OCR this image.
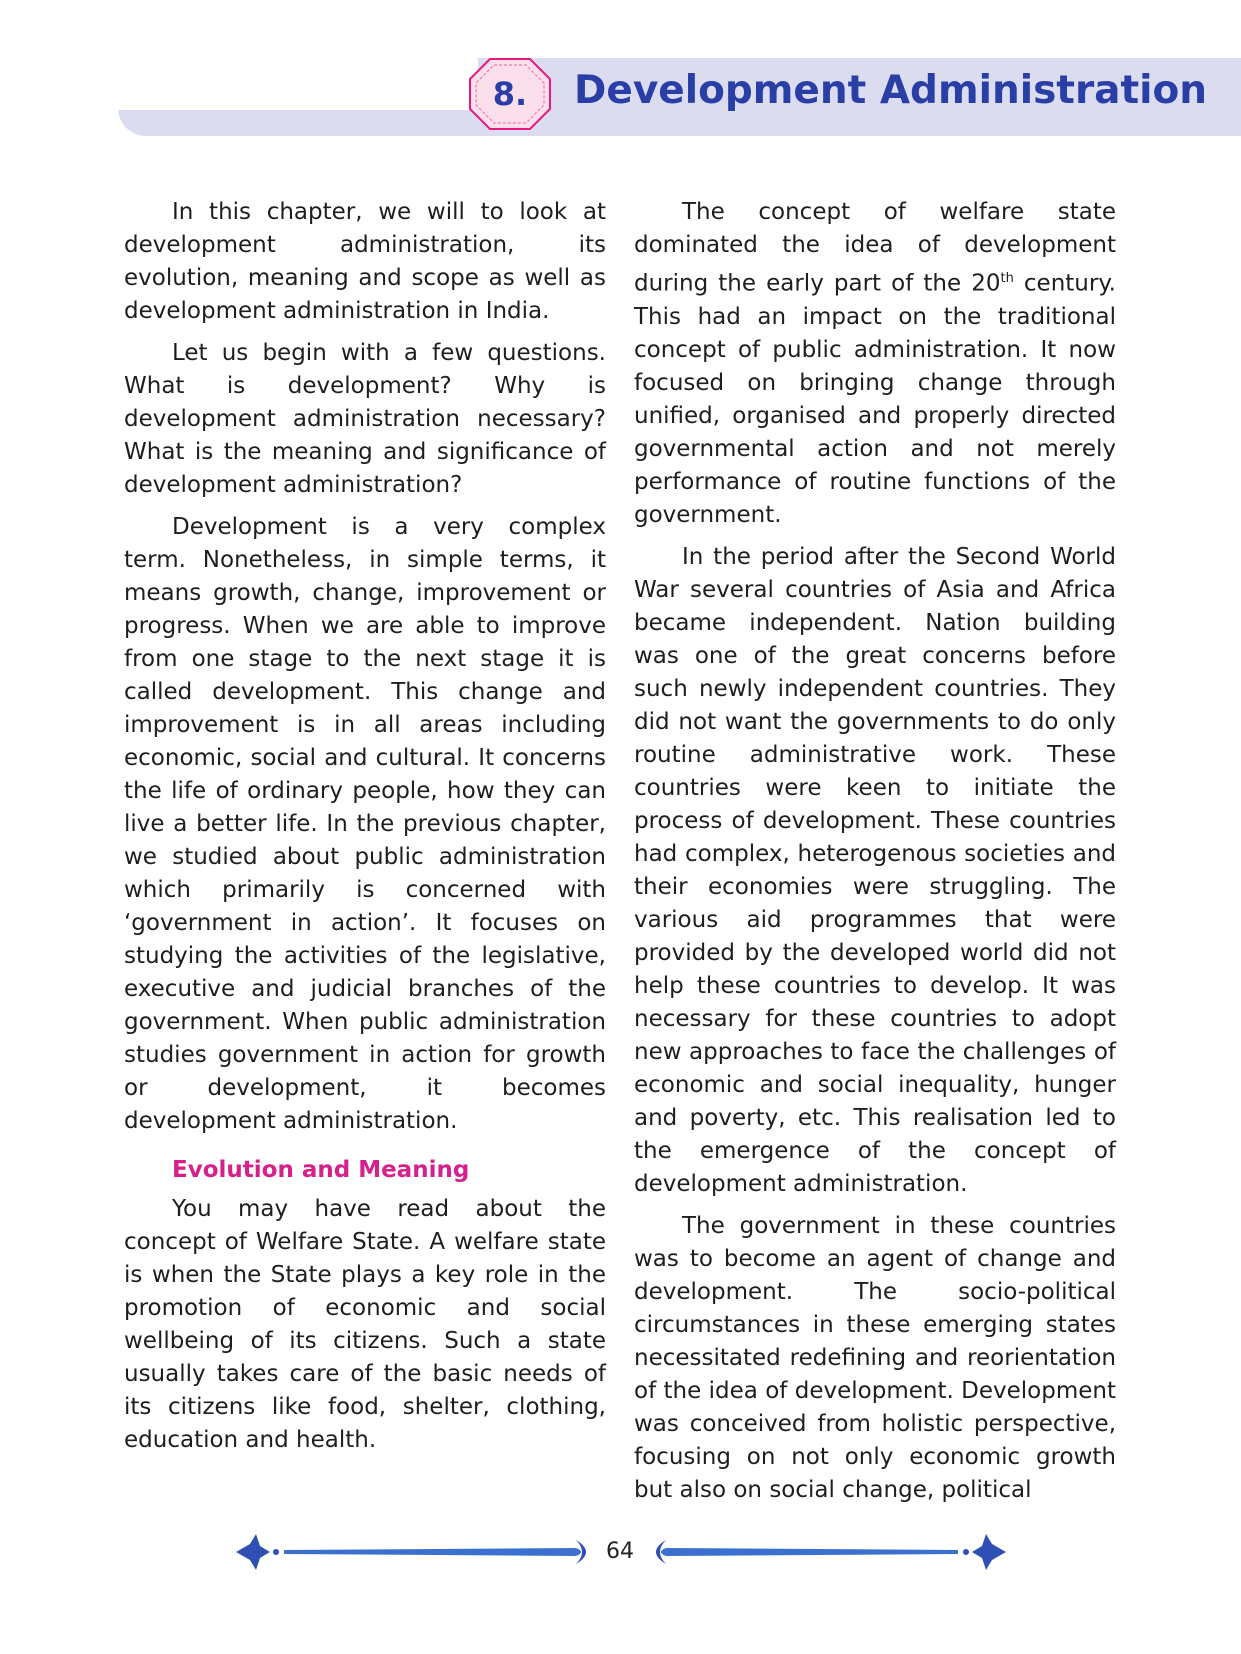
8. Development Administration

In this chapter, we will to look at development administration, its evolution, meaning and scope as well as development administration in India.

Let us begin with a few questions. What is development? Why is development administration necessary? What is the meaning and significance of development administration?

Development is a very complex term. Nonetheless, in simple terms, it means growth, change, improvement or progress. When we are able to improve from one stage to the next stage it is called development. This change and improvement is in all areas including economic, social and cultural. It concerns the life of ordinary people, how they can live a better life. In the previous chapter, we studied about public administration which primarily is concerned with ‘government in action’. It focuses on studying the activities of the legislative, executive and judicial branches of the government. When public administration studies government in action for growth or development, it becomes development administration.

Evolution and Meaning

You may have read about the concept of Welfare State. A welfare state is when the State plays a key role in the promotion of economic and social wellbeing of its citizens. Such a state usually takes care of the basic needs of its citizens like food, shelter, clothing, education and health.

The concept of welfare state dominated the idea of development during the early part of the 20th century. This had an impact on the traditional concept of public administration. It now focused on bringing change through unified, organised and properly directed governmental action and not merely performance of routine functions of the government.

In the period after the Second World War several countries of Asia and Africa became independent. Nation building was one of the great concerns before such newly independent countries. They did not want the governments to do only routine administrative work. These countries were keen to initiate the process of development. These countries had complex, heterogenous societies and their economies were struggling. The various aid programmes that were provided by the developed world did not help these countries to develop. It was necessary for these countries to adopt new approaches to face the challenges of economic and social inequality, hunger and poverty, etc. This realisation led to the emergence of the concept of development administration.

The government in these countries was to become an agent of change and development. The socio-political circumstances in these emerging states necessitated redefining and reorientation of the idea of development. Development was conceived from holistic perspective, focusing on not only economic growth but also on social change, political

64
